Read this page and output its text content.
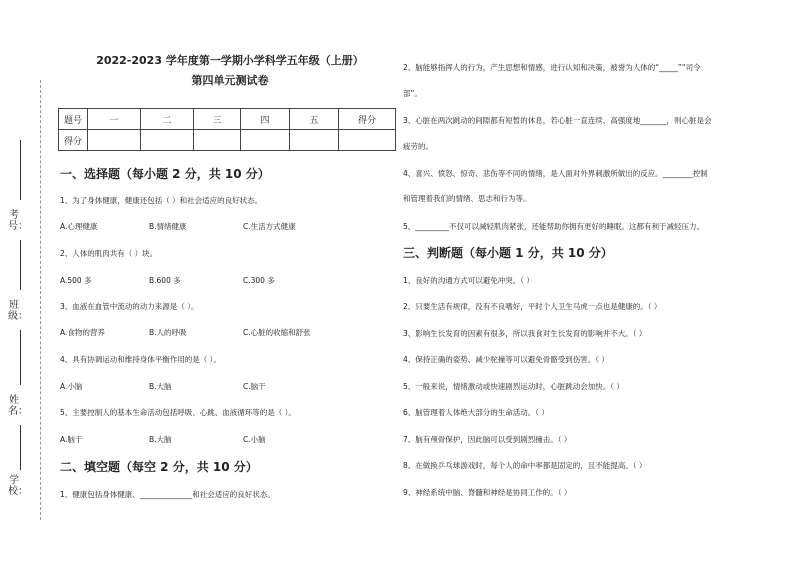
考号：
班级：
姓名：
学校：
2022-2023 学年度第一学期小学科学五年级（上册）
第四单元测试卷
题号	一	二	三	四	五	得分
得分						
一、选择题（每小题 2 分，共 10 分）
1、为了身体健康，健康还包括（ ）和社会适应的良好状态。
A.心理健康	B.情绪健康	C.生活方式健康
2、人体的肌肉共有（ ）块。
A.500 多	B.600 多	C.300 多
3、血液在血管中流动的动力来源是（ ）。
A.食物的营养	B.人的呼吸	C.心脏的收缩和舒张
4、具有协调运动和维持身体平衡作用的是（ ）。
A.小脑	B.大脑	C.脑干
5、主要控制人的基本生命活动包括呼吸、心跳、血液循环等的是（ ）。
A.脑干	B.大脑	C.小脑
二、填空题（每空 2 分，共 10 分）
1、健康包括身体健康、______________和社会适应的良好状态。
2、脑能够指挥人的行为，产生思想和情感，进行认知和决策，被誉为人体的“_____”“司令
部”。
3、心脏在两次跳动的间隙都有短暂的休息，若心脏一直连续、高强度地_______，则心脏是会
疲劳的。
4、喜兴、愤怒、惊奇、悲伤等不同的情绪，是人面对外界刺激所做出的反应。________控制
和管理着我们的情绪、思志和行为等。
5、_________不仅可以减轻肌肉紧张，还能帮助你拥有更好的睡眠。这都有利于减轻压力。
三、判断题（每小题 1 分，共 10 分）
1、良好的沟通方式可以避免冲突。（ ）
2、只要生活有规律，没有不良嗜好，平时个人卫生马虎一点也是健康的。（ ）
3、影响生长发育的因素有很多，所以我食对生长发育的影响并不大。（ ）
4、保持正确的姿势、减少驼撞等可以避免骨骼受到伤害。（ ）
5、一般来说，情绪激动或快速剧烈运动时，心脏跳动会加快。（ ）
6、脑管理着人体绝大部分的生命活动。（ ）
7、脑有颅骨保护，因此脑可以受到剧烈撞击。（ ）
8、在做换乒乓球游戏时，每个人的命中率都是固定的，且不能提高。（ ）
9、神经系统中脑、脊髓和神经是协同工作的。（ ）
